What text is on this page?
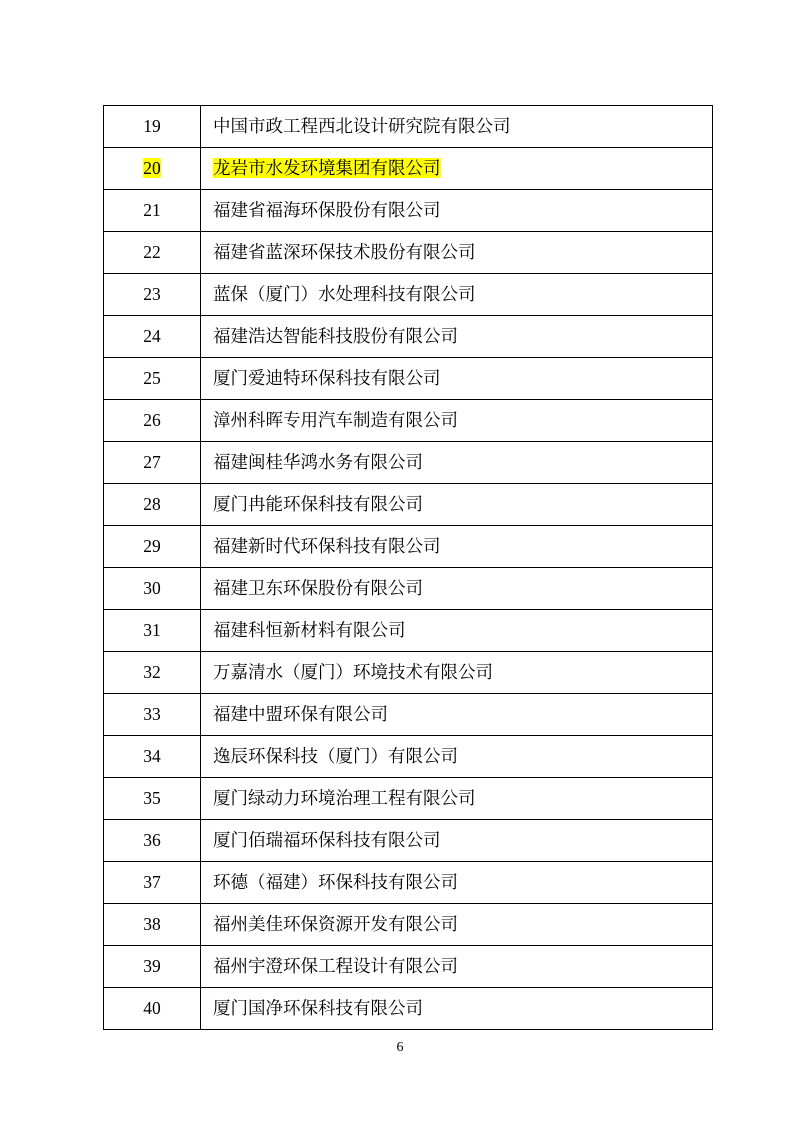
19	中国市政工程西北设计研究院有限公司
20	龙岩市水发环境集团有限公司
21	福建省福海环保股份有限公司
22	福建省蓝深环保技术股份有限公司
23	蓝保（厦门）水处理科技有限公司
24	福建浩达智能科技股份有限公司
25	厦门爱迪特环保科技有限公司
26	漳州科晖专用汽车制造有限公司
27	福建闽桂华鸿水务有限公司
28	厦门冉能环保科技有限公司
29	福建新时代环保科技有限公司
30	福建卫东环保股份有限公司
31	福建科恒新材料有限公司
32	万嘉清水（厦门）环境技术有限公司
33	福建中盟环保有限公司
34	逸辰环保科技（厦门）有限公司
35	厦门绿动力环境治理工程有限公司
36	厦门佰瑞福环保科技有限公司
37	环德（福建）环保科技有限公司
38	福州美佳环保资源开发有限公司
39	福州宇澄环保工程设计有限公司
40	厦门国净环保科技有限公司
6
